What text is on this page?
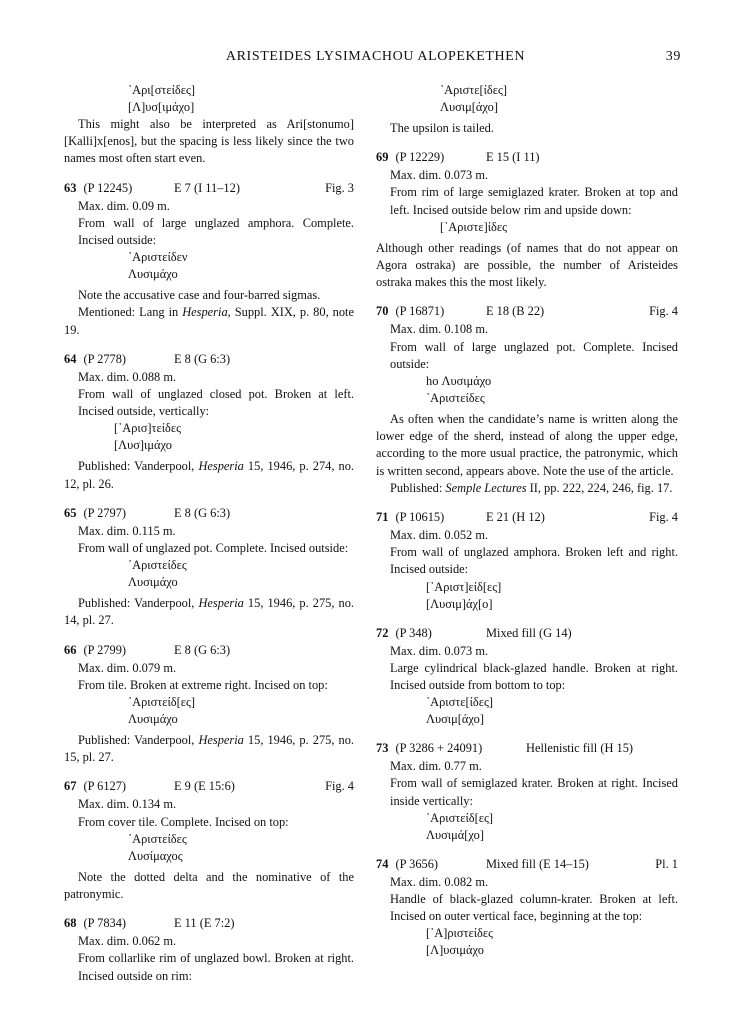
ARISTEIDES LYSIMACHOU ALOPEKETHEN	39
᾿Αρι[στείδες]
[Λ]υσ[ιμάχο]

This might also be interpreted as Ari[stonumo] [Kalli]x[enos], but the spacing is less likely since the two names most often start even.

63 (P 12245)	E 7 (I 11–12)	Fig. 3

Max. dim. 0.09 m.

From wall of large unglazed amphora. Complete. Incised outside:

᾿Αριστείδεν
Λυσιμάχο

Note the accusative case and four-barred sigmas.

Mentioned: Lang in Hesperia, Suppl. XIX, p. 80, note 19.

64 (P 2778)	E 8 (G 6:3)

Max. dim. 0.088 m.

From wall of unglazed closed pot. Broken at left. Incised outside, vertically:

[᾿Αρισ]τείδες
[Λυσ]ιμάχο

Published: Vanderpool, Hesperia 15, 1946, p. 274, no. 12, pl. 26.

65 (P 2797)	E 8 (G 6:3)

Max. dim. 0.115 m.

From wall of unglazed pot. Complete. Incised outside:

᾿Αριστείδες
Λυσιμάχο

Published: Vanderpool, Hesperia 15, 1946, p. 275, no. 14, pl. 27.

66 (P 2799)	E 8 (G 6:3)

Max. dim. 0.079 m.

From tile. Broken at extreme right. Incised on top:

᾿Αριστείδ[ες]
Λυσιμάχο

Published: Vanderpool, Hesperia 15, 1946, p. 275, no. 15, pl. 27.

67 (P 6127)	E 9 (E 15:6)	Fig. 4

Max. dim. 0.134 m.

From cover tile. Complete. Incised on top:

᾿Αριστείδες
Λυσίμαχος

Note the dotted delta and the nominative of the patronymic.

68 (P 7834)	E 11 (E 7:2)

Max. dim. 0.062 m.

From collarlike rim of unglazed bowl. Broken at right. Incised outside on rim:

᾿Αριστε[ίδες]
Λυσιμ[άχο]

The upsilon is tailed.

69 (P 12229)	E 15 (I 11)

Max. dim. 0.073 m.

From rim of large semiglazed krater. Broken at top and left. Incised outside below rim and upside down:

[᾿Αριστε]ίδες

Although other readings (of names that do not appear on Agora ostraka) are possible, the number of Aristeides ostraka makes this the most likely.

70 (P 16871)	E 18 (B 22)	Fig. 4

Max. dim. 0.108 m.

From wall of large unglazed pot. Complete. Incised outside:

ho Λυσιμάχο
᾿Αριστείδες

As often when the candidate’s name is written along the lower edge of the sherd, instead of along the upper edge, according to the more usual practice, the patronymic, which is written second, appears above. Note the use of the article.

Published: Semple Lectures II, pp. 222, 224, 246, fig. 17.

71 (P 10615)	E 21 (H 12)	Fig. 4

Max. dim. 0.052 m.

From wall of unglazed amphora. Broken left and right. Incised outside:

[᾿Αριστ]είδ[ες]
[Λυσιμ]άχ[ο]
72 (P 348)	Mixed fill (G 14)

Max. dim. 0.073 m.

Large cylindrical black-glazed handle. Broken at right. Incised outside from bottom to top:

᾿Αριστε[ίδες]
Λυσιμ[άχο]
73 (P 3286 + 24091)	Hellenistic fill (H 15)

Max. dim. 0.77 m.

From wall of semiglazed krater. Broken at right. Incised inside vertically:

᾿Αριστείδ[ες]
Λυσιμά[χο]
74 (P 3656)	Mixed fill (E 14–15)	Pl. 1

Max. dim. 0.082 m.

Handle of black-glazed column-krater. Broken at left. Incised on outer vertical face, beginning at the top:

[᾿Α]ριστείδες
[Λ]υσιμάχο
